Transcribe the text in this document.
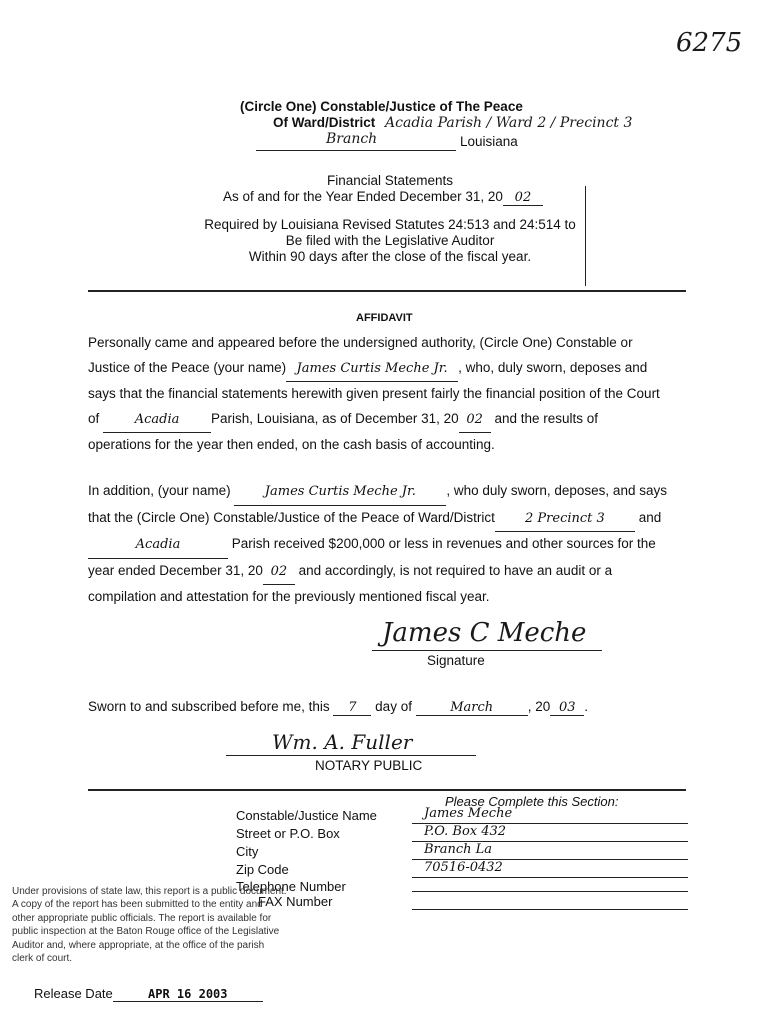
6275
(Circle One) Constable/Justice of The Peace
Of Ward/District Acadia Parish / Ward 2 / Precinct 3
Branch	Louisiana
Financial Statements
As of and for the Year Ended December 31, 20 02
Required by Louisiana Revised Statutes 24:513 and 24:514 to
Be filed with the Legislative Auditor
Within 90 days after the close of the fiscal year.
AFFIDAVIT
Personally came and appeared before the undersigned authority, (Circle One) Constable or
Justice of the Peace (your name) James Curtis Meche Jr. , who, duly sworn, deposes and
says that the financial statements herewith given present fairly the financial position of the Court
of	Acadia Parish, Louisiana, as of December 31, 20 02 and the results of
operations for the year then ended, on the cash basis of accounting.
In addition, (your name)	James Curtis Meche Jr. , who duly sworn, deposes, and says
that the (Circle One) Constable/Justice of the Peace of Ward/District 2 Precinct 3	and
Acadia	Parish received $200,000 or less in revenues and other sources for the
year ended December 31, 20 02 and accordingly, is not required to have an audit or a
compilation and attestation for the previously mentioned fiscal year.
James C Meche
Signature
Sworn to and subscribed before me, this 7 day of	March	, 20 03 .
Wm. A. Fuller
NOTARY PUBLIC
Please Complete this Section:
Constable/Justice Name	James Meche
Street or P.O. Box	P.O. Box 432
City	Branch La
Zip Code	70516-0432
Telephone Number
FAX Number
Under provisions of state law, this report is a public document. A copy of the report has been submitted to the entity and other appropriate public officials. The report is available for public inspection at the Baton Rouge office of the Legislative Auditor and, where appropriate, at the office of the parish clerk of court.
Release Date	APR 16 2003
